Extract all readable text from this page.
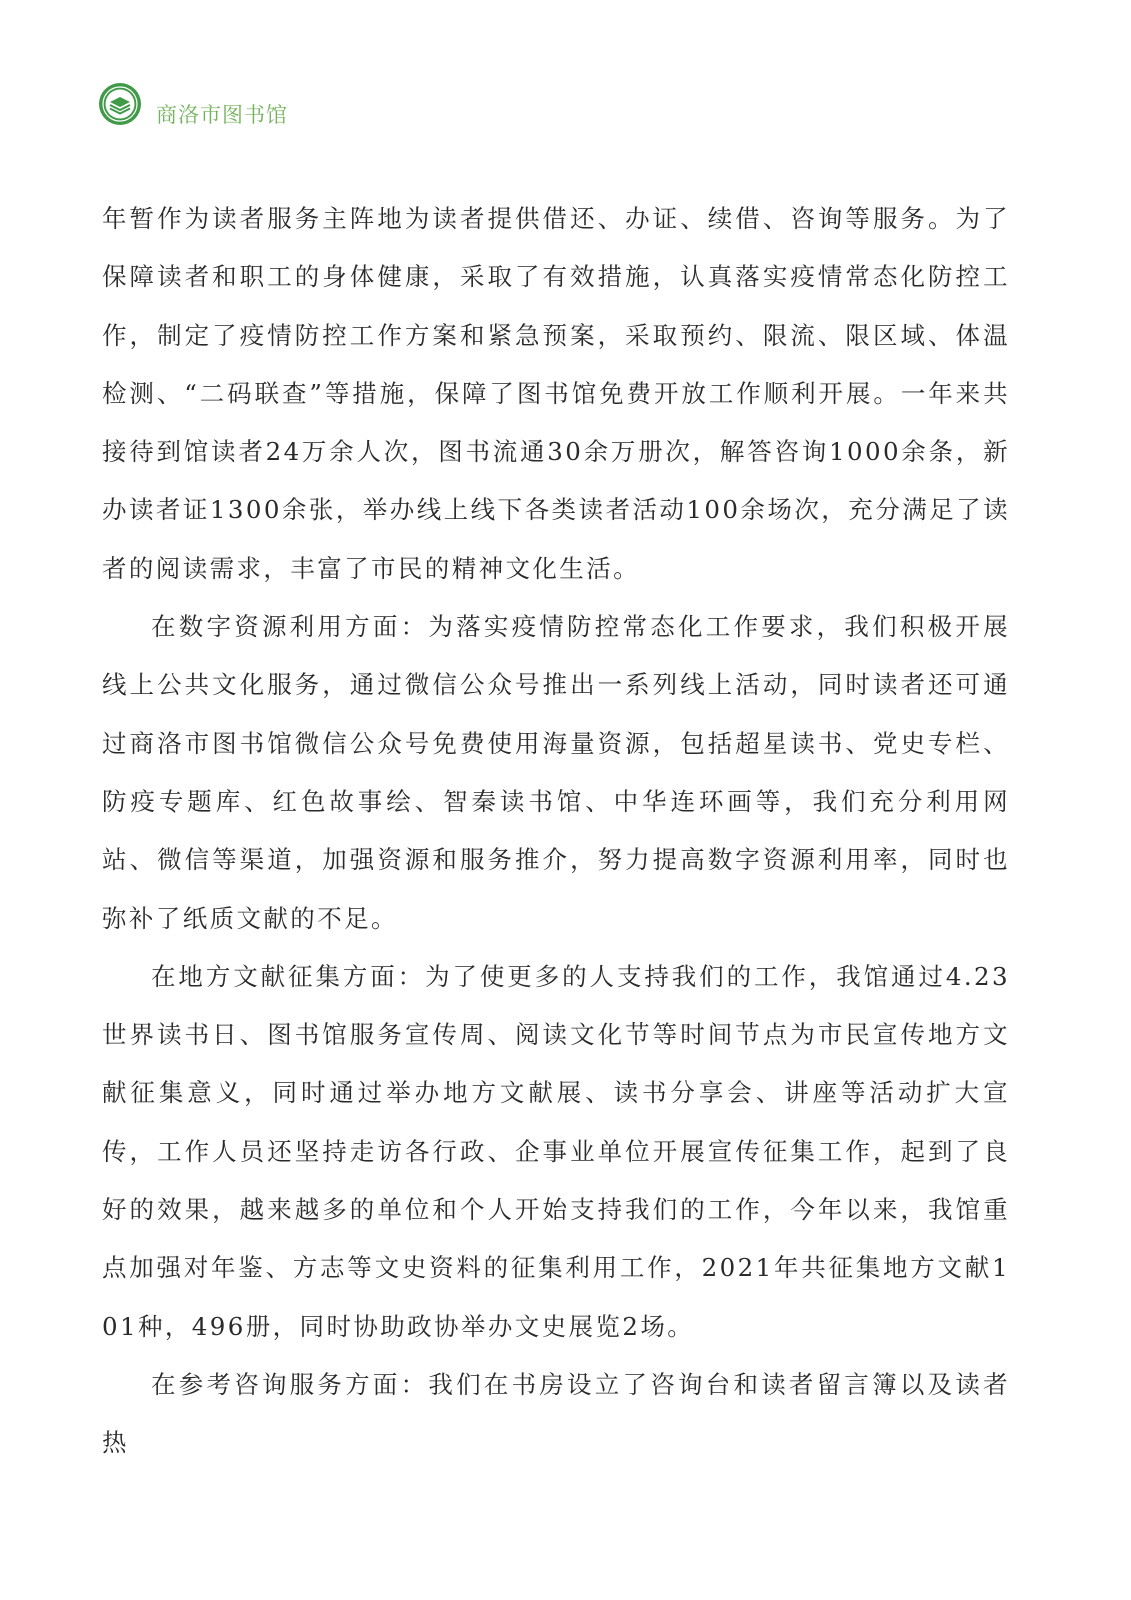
商洛市图书馆

年暂作为读者服务主阵地为读者提供借还、办证、续借、咨询等服务。为了保障读者和职工的身体健康，采取了有效措施，认真落实疫情常态化防控工作，制定了疫情防控工作方案和紧急预案，采取预约、限流、限区域、体温检测、“二码联查”等措施，保障了图书馆免费开放工作顺利开展。一年来共接待到馆读者24万余人次，图书流通30余万册次，解答咨询1000余条，新办读者证1300余张，举办线上线下各类读者活动100余场次，充分满足了读者的阅读需求，丰富了市民的精神文化生活。

在数字资源利用方面：为落实疫情防控常态化工作要求，我们积极开展线上公共文化服务，通过微信公众号推出一系列线上活动，同时读者还可通过商洛市图书馆微信公众号免费使用海量资源，包括超星读书、党史专栏、防疫专题库、红色故事绘、智秦读书馆、中华连环画等，我们充分利用网站、微信等渠道，加强资源和服务推介，努力提高数字资源利用率，同时也弥补了纸质文献的不足。

在地方文献征集方面：为了使更多的人支持我们的工作，我馆通过4.23世界读书日、图书馆服务宣传周、阅读文化节等时间节点为市民宣传地方文献征集意义，同时通过举办地方文献展、读书分享会、讲座等活动扩大宣传，工作人员还坚持走访各行政、企事业单位开展宣传征集工作，起到了良好的效果，越来越多的单位和个人开始支持我们的工作，今年以来，我馆重点加强对年鉴、方志等文史资料的征集利用工作，2021年共征集地方文献101种，496册，同时协助政协举办文史展览2场。

在参考咨询服务方面：我们在书房设立了咨询台和读者留言簿以及读者热
